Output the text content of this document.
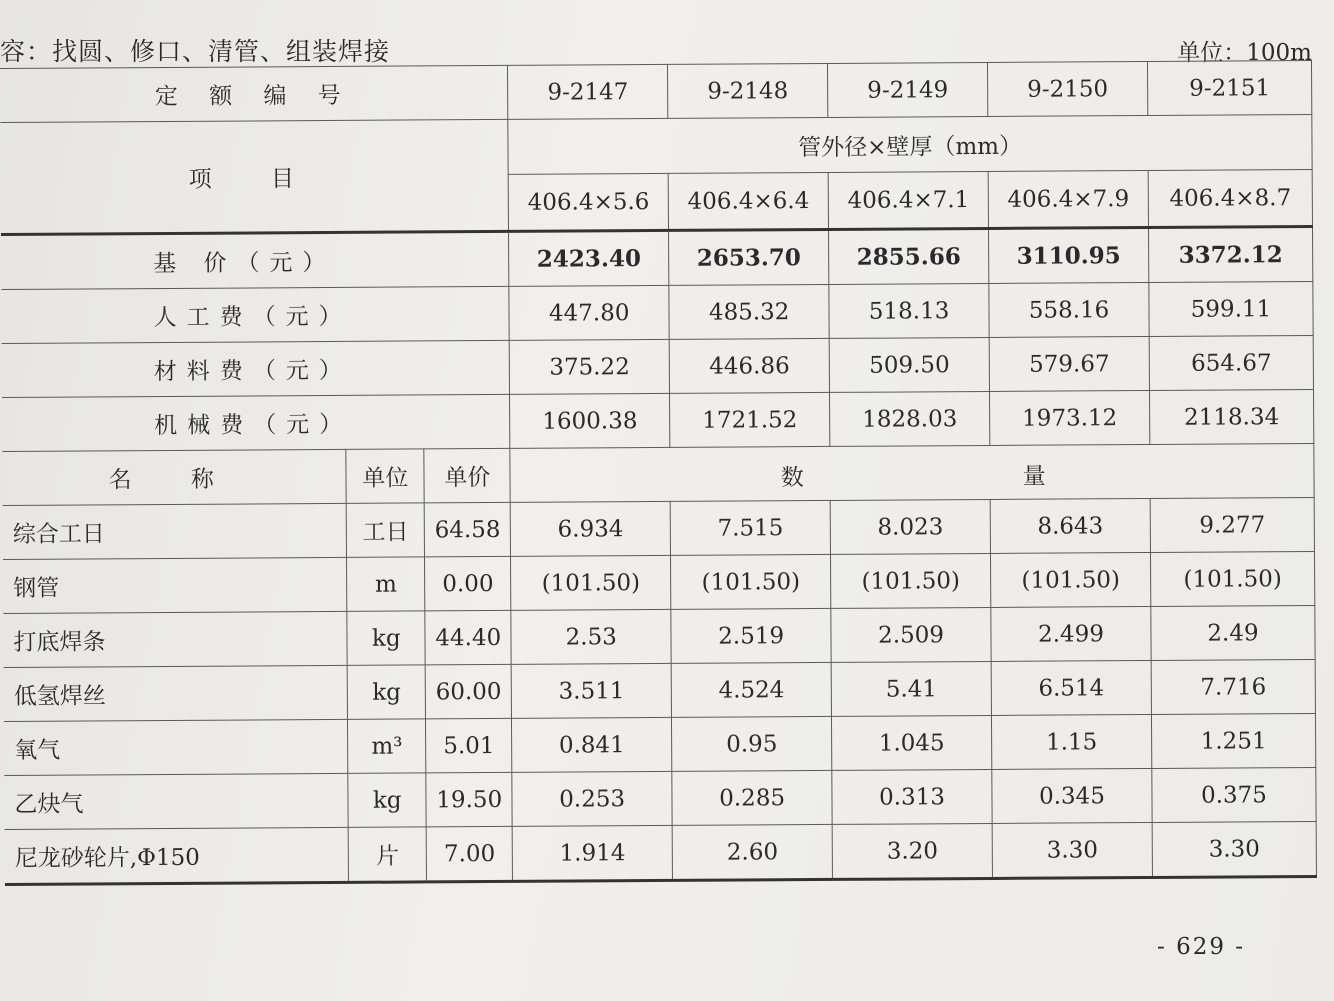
容：找圆、修口、清管、组装焊接	单位：100m
定 额 编 号			9-2147	9-2148	9-2149	9-2150	9-2151
项 目			管外径×壁厚（mm）				
			406.4×5.6	406.4×6.4	406.4×7.1	406.4×7.9	406.4×8.7
基 价（元）			2423.40	2653.70	2855.66	3110.95	3372.12
人工费（元）			447.80	485.32	518.13	558.16	599.11
材料费（元）			375.22	446.86	509.50	579.67	654.67
机械费（元）			1600.38	1721.52	1828.03	1973.12	2118.34
名 称	单位	单价	数 量				

综合工日	工日	64.58	6.934	7.515	8.023	8.643	9.277
钢管	m	0.00	(101.50)	(101.50)	(101.50)	(101.50)	(101.50)
打底焊条	kg	44.40	2.53	2.519	2.509	2.499	2.49
低氢焊丝	kg	60.00	3.511	4.524	5.41	6.514	7.716
氧气	m³	5.01	0.841	0.95	1.045	1.15	1.251
乙炔气	kg	19.50	0.253	0.285	0.313	0.345	0.375
尼龙砂轮片,Φ150	片	7.00	1.914	2.60	3.20	3.30	3.30
- 629 -
